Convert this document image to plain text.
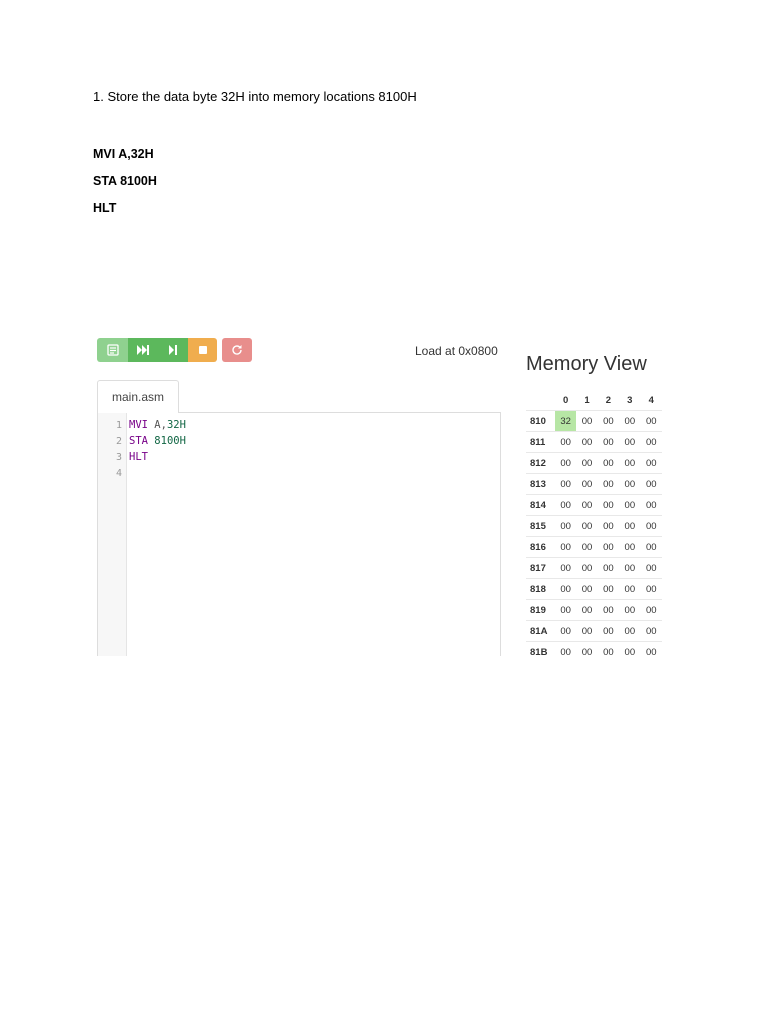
1. Store the data byte 32H into memory locations 8100H
MVI A,32H
STA 8100H
HLT
Load at 0x0800
main.asm
1
2
3
4
MVI A,32H
STA 8100H
HLT
Memory View
	0	1	2	3	4
810	32	00	00	00	00
811	00	00	00	00	00
812	00	00	00	00	00
813	00	00	00	00	00
814	00	00	00	00	00
815	00	00	00	00	00
816	00	00	00	00	00
817	00	00	00	00	00
818	00	00	00	00	00
819	00	00	00	00	00
81A	00	00	00	00	00
81B	00	00	00	00	00
